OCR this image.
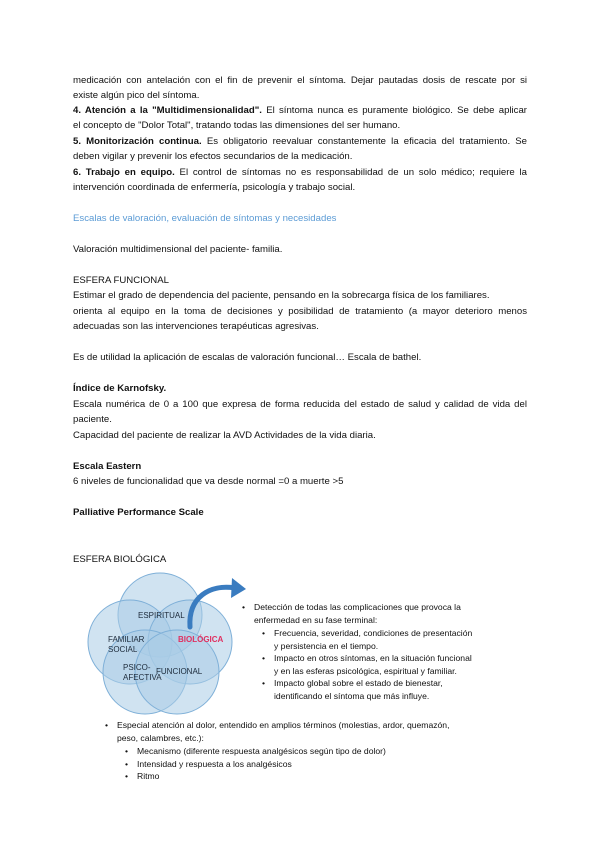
medicación con antelación con el fin de prevenir el síntoma. Dejar pautadas dosis de rescate por si
existe algún pico del síntoma.
4. Atención a la "Multidimensionalidad". El síntoma nunca es puramente biológico. Se debe aplicar
el concepto de "Dolor Total", tratando todas las dimensiones del ser humano.
5. Monitorización continua. Es obligatorio reevaluar constantemente la eficacia del tratamiento. Se
deben vigilar y prevenir los efectos secundarios de la medicación.
6. Trabajo en equipo. El control de síntomas no es responsabilidad de un solo médico; requiere la
intervención coordinada de enfermería, psicología y trabajo social.
Escalas de valoración, evaluación de síntomas y necesidades
Valoración multidimensional del paciente- familia.
ESFERA FUNCIONAL
Estimar el grado de dependencia del paciente, pensando en la sobrecarga física de los familiares.
orienta al equipo en la toma de decisiones y posibilidad de tratamiento (a mayor deterioro menos
adecuadas son las intervenciones terapéuticas agresivas.
Es de utilidad la aplicación de escalas de valoración funcional… Escala de bathel.
Índice de Karnofsky.
Escala numérica de 0 a 100 que expresa de forma reducida del estado de salud y calidad de vida del
paciente.
Capacidad del paciente de realizar la AVD Actividades de la vida diaria.
Escala Eastern
6 niveles de funcionalidad que va desde normal =0 a muerte >5
Palliative Performance Scale
ESFERA BIOLÓGICA
ESPIRITUAL
FAMILIAR
SOCIAL
BIOLÓGICA
PSICO-
AFECTIVA
FUNCIONAL
• Detección de todas las complicaciones que provoca la
enfermedad en su fase terminal:
• Frecuencia, severidad, condiciones de presentación
y persistencia en el tiempo.
• Impacto en otros síntomas, en la situación funcional
y en las esferas psicológica, espiritual y familiar.
• Impacto global sobre el estado de bienestar,
identificando el síntoma que más influye.
• Especial atención al dolor, entendido en amplios términos (molestias, ardor, quemazón,
peso, calambres, etc.):
• Mecanismo (diferente respuesta analgésicos según tipo de dolor)
• Intensidad y respuesta a los analgésicos
• Ritmo
